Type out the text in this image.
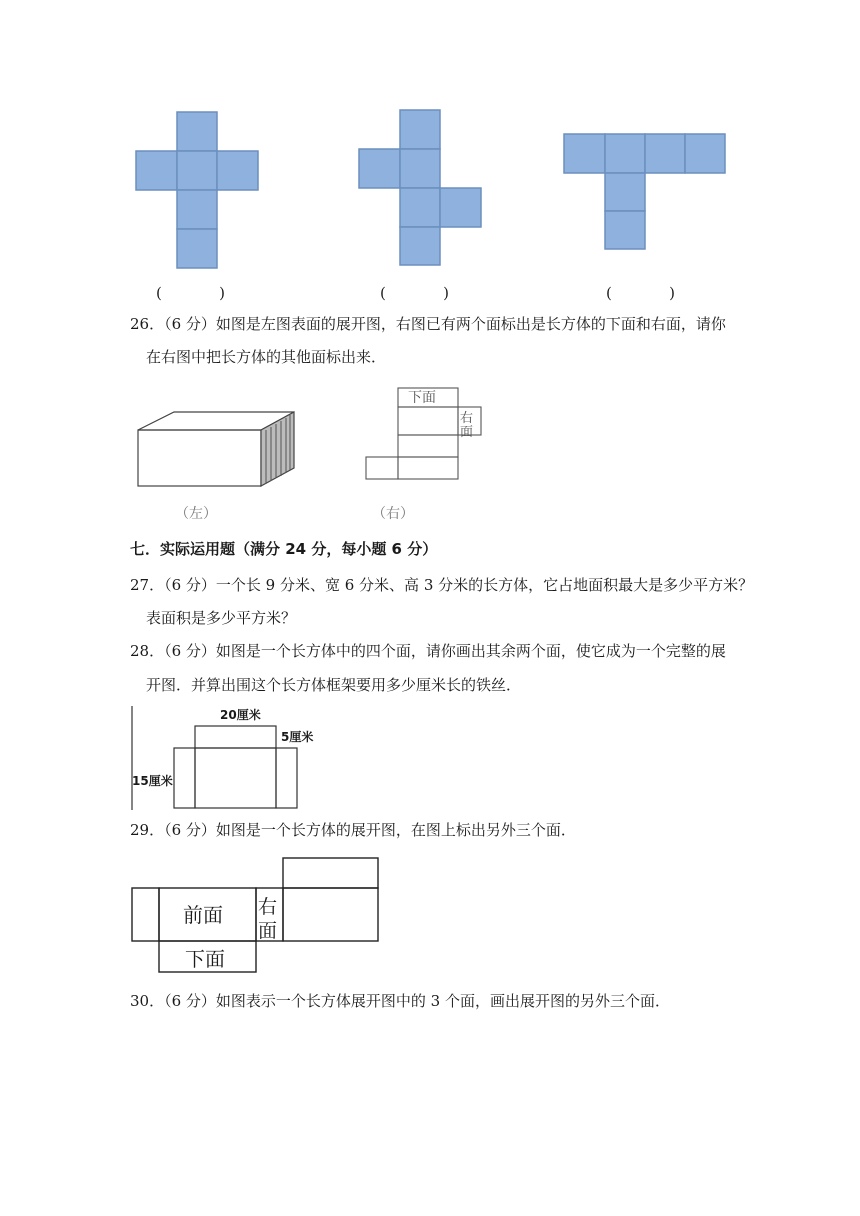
(            )	(            )	(            )
26．（6 分）如图是左图表面的展开图，右图已有两个面标出是长方体的下面和右面，请你
在右图中把长方体的其他面标出来．
（左）
下面
右
面
（右）
七．实际运用题（满分 24 分，每小题 6 分）
27．（6 分）一个长 9 分米、宽 6 分米、高 3 分米的长方体，它占地面积最大是多少平方米？
表面积是多少平方米？
28．（6 分）如图是一个长方体中的四个面，请你画出其余两个面，使它成为一个完整的展
开图．并算出围这个长方体框架要用多少厘米长的铁丝．
20厘米
5厘米
15厘米
29．（6 分）如图是一个长方体的展开图，在图上标出另外三个面．
前面 右
面
下面
30．（6 分）如图表示一个长方体展开图中的 3 个面，画出展开图的另外三个面．
